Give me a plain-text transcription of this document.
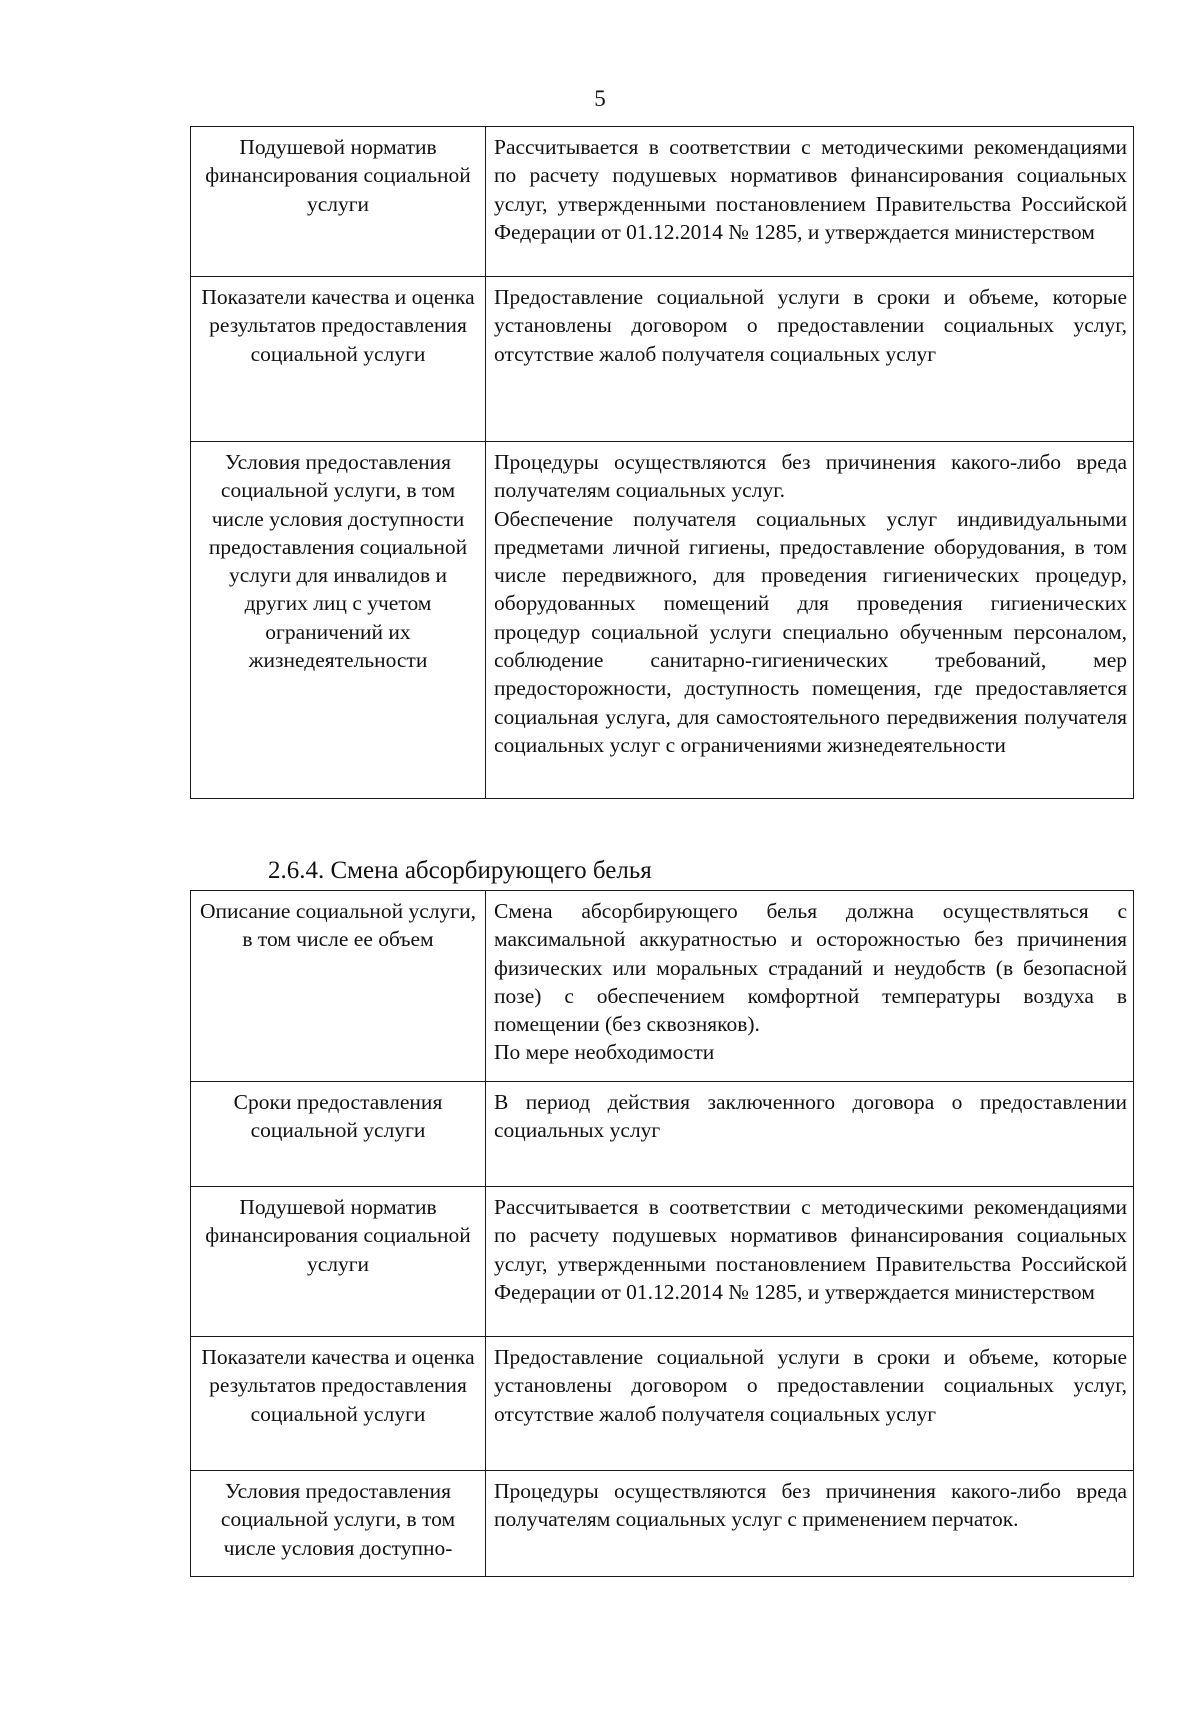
5
Подушевой норматив финансирования социальной услуги	Рассчитывается в соответствии с методическими рекомендациями по расчету подушевых нормативов финансирования социальных услуг, утвержденными постановлением Правительства Российской Федерации от 01.12.2014 № 1285, и утверждается министерством

Показатели качества и оценка результатов предоставления социальной услуги	Предоставление социальной услуги в сроки и объеме, которые установлены договором о предоставлении социальных услуг, отсутствие жалоб получателя социальных услуг

Условия предоставления социальной услуги, в том числе условия доступности предоставления социальной услуги для инвалидов и других лиц с учетом ограничений их жизнедеятельности	Процедуры осуществляются без причинения какого-либо вреда получателям социальных услуг.
Обеспечение получателя социальных услуг индивидуальными предметами личной гигиены, предоставление оборудования, в том числе передвижного, для проведения гигиенических процедур, оборудованных помещений для проведения гигиенических процедур социальной услуги специально обученным персоналом, соблюдение санитарно-гигиенических требований, мер предосторожности, доступность помещения, где предоставляется социальная услуга, для самостоятельного передвижения получателя социальных услуг с ограничениями жизнедеятельности
2.6.4. Смена абсорбирующего белья
Описание социальной услуги, в том числе ее объем	Смена абсорбирующего белья должна осуществляться с максимальной аккуратностью и осторожностью без причинения физических или моральных страданий и неудобств (в безопасной позе) с обеспечением комфортной температуры воздуха в помещении (без сквозняков).
По мере необходимости

Сроки предоставления социальной услуги	В период действия заключенного договора о предоставлении социальных услуг

Подушевой норматив финансирования социальной услуги	Рассчитывается в соответствии с методическими рекомендациями по расчету подушевых нормативов финансирования социальных услуг, утвержденными постановлением Правительства Российской Федерации от 01.12.2014 № 1285, и утверждается министерством

Показатели качества и оценка результатов предоставления социальной услуги	Предоставление социальной услуги в сроки и объеме, которые установлены договором о предоставлении социальных услуг, отсутствие жалоб получателя социальных услуг

Условия предоставления социальной услуги, в том числе условия доступно-	Процедуры осуществляются без причинения какого-либо вреда получателям социальных услуг с применением перчаток.
